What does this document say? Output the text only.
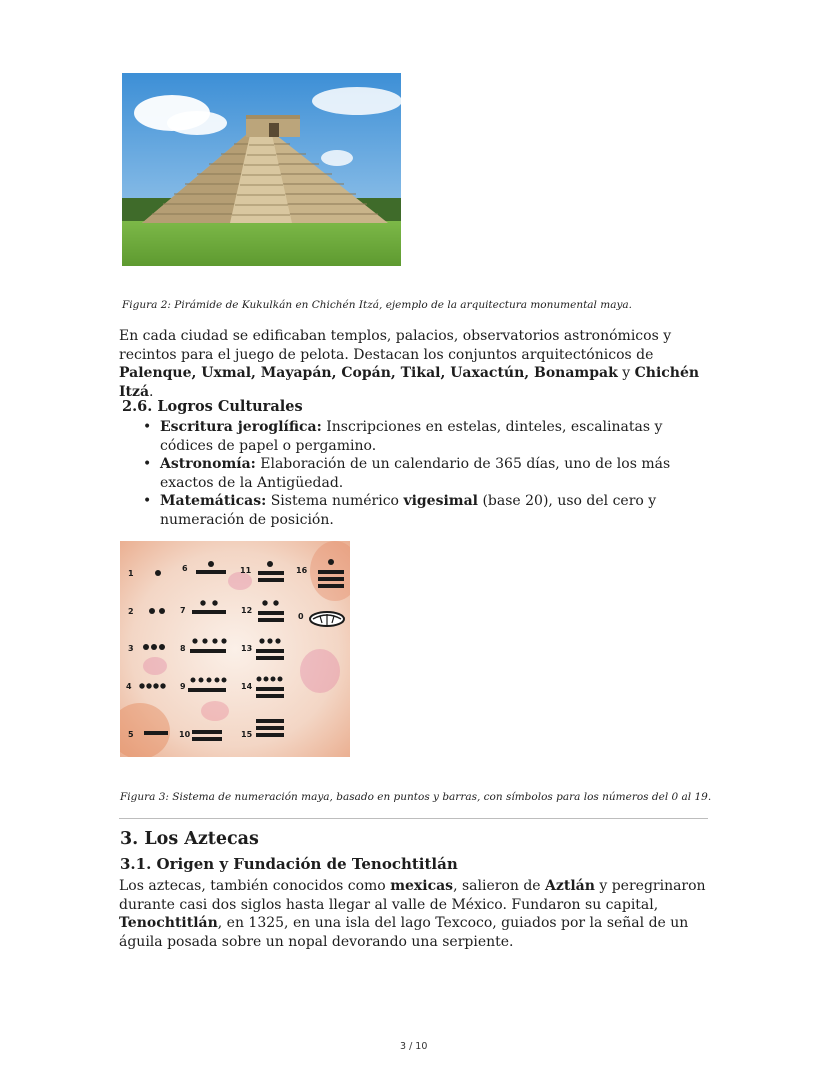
Figura 2: Pirámide de Kukulkán en Chichén Itzá, ejemplo de la arquitectura monumental maya.
En cada ciudad se edificaban templos, palacios, observatorios astronómicos y recintos para el juego de pelota. Destacan los conjuntos arquitectónicos de Palenque, Uxmal, Mayapán, Copán, Tikal, Uaxactún, Bonampak y Chichén Itzá.
2.6. Logros Culturales
• Escritura jeroglífica: Inscripciones en estelas, dinteles, escalinatas y códices de papel o pergamino.
• Astronomía: Elaboración de un calendario de 365 días, uno de los más exactos de la Antigüedad.
• Matemáticas: Sistema numérico vigesimal (base 20), uso del cero y numeración de posición.
1
2
3
4
5
6
7
8
9
10
11
12
13
14
15
16
0
Figura 3: Sistema de numeración maya, basado en puntos y barras, con símbolos para los números del 0 al 19.
3. Los Aztecas
3.1. Origen y Fundación de Tenochtitlán
Los aztecas, también conocidos como mexicas, salieron de Aztlán y peregrinaron durante casi dos siglos hasta llegar al valle de México. Fundaron su capital, Tenochtitlán, en 1325, en una isla del lago Texcoco, guiados por la señal de un águila posada sobre un nopal devorando una serpiente.
3 / 10
